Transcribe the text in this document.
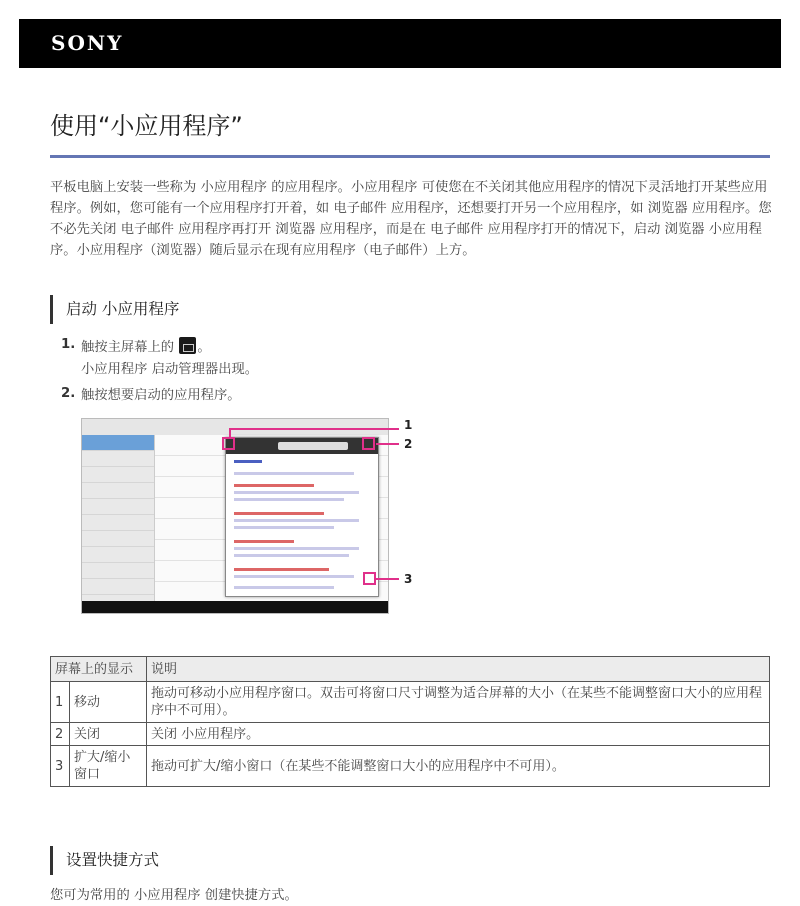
SONY
使用“小应用程序”
平板电脑上安装一些称为 小应用程序 的应用程序。小应用程序 可使您在不关闭其他应用程序的情况下灵活地打开某些应用程序。例如，您可能有一个应用程序打开着，如 电子邮件 应用程序，还想要打开另一个应用程序，如 浏览器 应用程序。您不必先关闭 电子邮件 应用程序再打开 浏览器 应用程序，而是在 电子邮件 应用程序打开的情况下，启动 浏览器 小应用程序。小应用程序（浏览器）随后显示在现有应用程序（电子邮件）上方。
启动 小应用程序
1. 触按主屏幕上的 。
小应用程序 启动管理器出现。
2. 触按想要启动的应用程序。
1
2
3
屏幕上的显示		说明
1	移动	拖动可移动小应用程序窗口。双击可将窗口尺寸调整为适合屏幕的大小（在某些不能调整窗口大小的应用程序中不可用）。
2	关闭	关闭 小应用程序。
3	扩大/缩小窗口	拖动可扩大/缩小窗口（在某些不能调整窗口大小的应用程序中不可用）。
设置快捷方式
您可为常用的 小应用程序 创建快捷方式。
